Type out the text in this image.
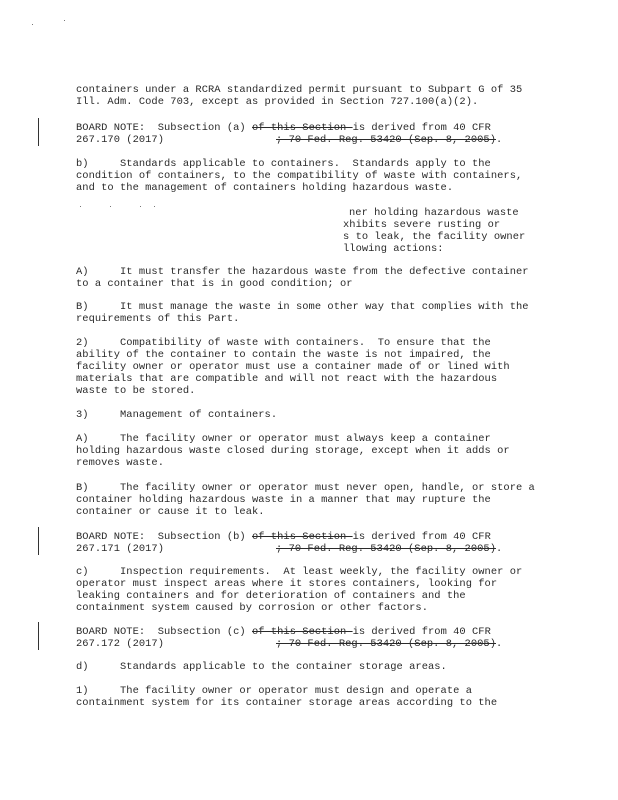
containers under a RCRA standardized permit pursuant to Subpart G of 35

Ill. Adm. Code 703, except as provided in Section 727.100(a)(2).

BOARD NOTE:  Subsection (a) of this Section is derived from 40 CFR

267.170 (2017)	; 70 Fed. Reg. 53420 (Sep. 8, 2005).

b)     Standards applicable to containers.  Standards apply to the

condition of containers, to the compatibility of waste with containers,

and to the management of containers holding hazardous waste.

ner holding hazardous waste

xhibits severe rusting or

s to leak, the facility owner

llowing actions:

A)     It must transfer the hazardous waste from the defective container

to a container that is in good condition; or

B)     It must manage the waste in some other way that complies with the

requirements of this Part.

2)     Compatibility of waste with containers.  To ensure that the

ability of the container to contain the waste is not impaired, the

facility owner or operator must use a container made of or lined with

materials that are compatible and will not react with the hazardous

waste to be stored.

3)     Management of containers.

A)     The facility owner or operator must always keep a container

holding hazardous waste closed during storage, except when it adds or

removes waste.

B)     The facility owner or operator must never open, handle, or store a

container holding hazardous waste in a manner that may rupture the

container or cause it to leak.

BOARD NOTE:  Subsection (b) of this Section is derived from 40 CFR

267.171 (2017)	; 70 Fed. Reg. 53420 (Sep. 8, 2005).

c)     Inspection requirements.  At least weekly, the facility owner or

operator must inspect areas where it stores containers, looking for

leaking containers and for deterioration of containers and the

containment system caused by corrosion or other factors.

BOARD NOTE:  Subsection (c) of this Section is derived from 40 CFR

267.172 (2017)	; 70 Fed. Reg. 53420 (Sep. 8, 2005).

d)     Standards applicable to the container storage areas.

1)     The facility owner or operator must design and operate a

containment system for its container storage areas according to the
